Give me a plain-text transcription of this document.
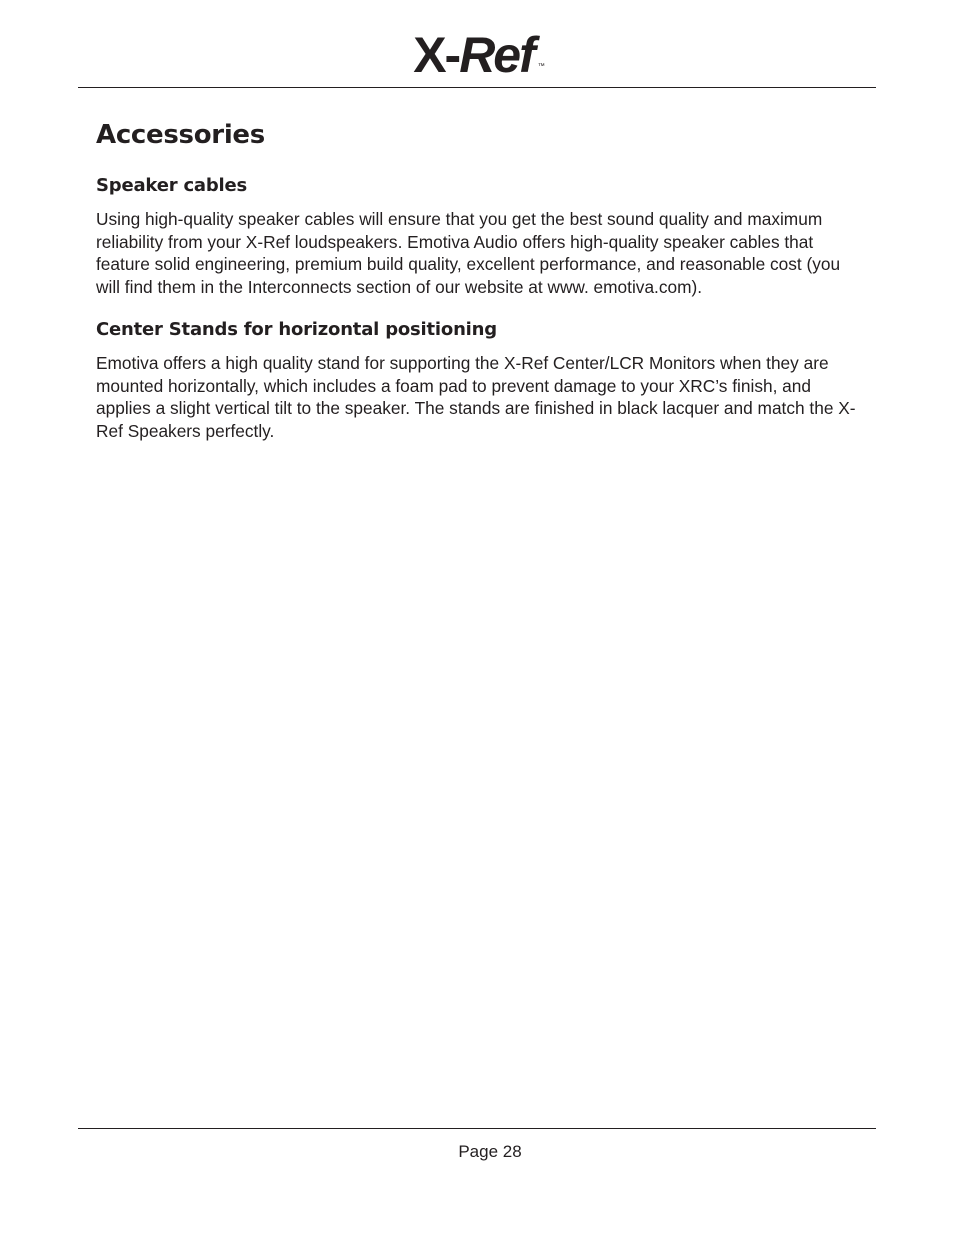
X-Ref ™
Accessories
Speaker cables

Using high-quality speaker cables will ensure that you get the best sound quality and maximum reliability from your X-Ref loudspeakers. Emotiva Audio offers high-quality speaker cables that feature solid engineering, premium build quality, excellent performance, and reasonable cost (you will find them in the Interconnects section of our website at www. emotiva.com).

Center Stands for horizontal positioning

Emotiva offers a high quality stand for supporting the X-Ref Center/LCR Monitors when they are mounted horizontally, which includes a foam pad to prevent damage to your XRC’s finish, and applies a slight vertical tilt to the speaker. The stands are finished in black lacquer and match the X-Ref Speakers perfectly.

Page 28
